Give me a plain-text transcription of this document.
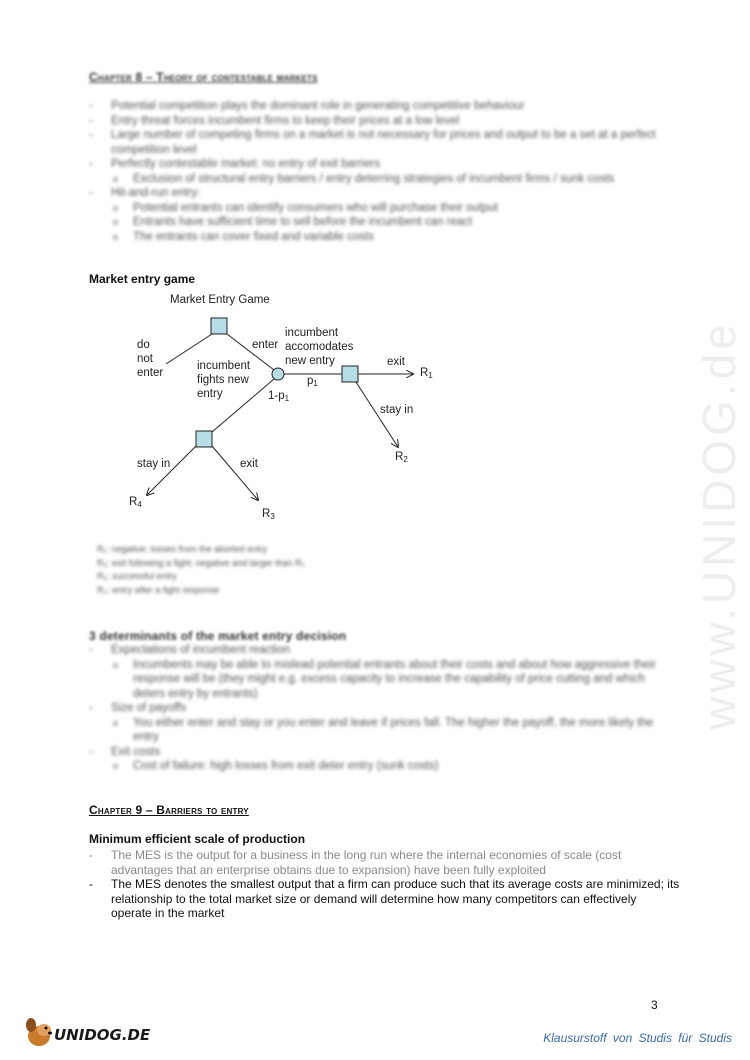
www.UNIDOG.de
Chapter 8 – Theory of contestable markets
- Potential competition plays the dominant role in generating competitive behaviour
- Entry threat forces incumbent firms to keep their prices at a low level
- Large number of competing firms on a market is not necessary for prices and output to be a set at a perfect competition level
- Perfectly contestable market: no entry of exit barriers
o Exclusion of structural entry barriers / entry deterring strategies of incumbent firms / sunk costs
- Hit-and-run entry:
o Potential entrants can identify consumers who will purchase their output
o Entrants have sufficient time to sell before the incumbent can react
o The entrants can cover fixed and variable costs
Market entry game
Market Entry Game
do not enter
enter
incumbent fights new entry
incumbent accomodates new entry
p1
1-p1
exit
R1
stay in
R2
stay in	exit
R4
R3
R₁: negative; losses from the aborted entry
R₂: exit following a fight; negative and larger than R₁
R₃: successful entry
R₄: entry after a fight response
3 determinants of the market entry decision
- Expectations of incumbent reaction
o Incumbents may be able to mislead potential entrants about their costs and about how aggressive their response will be (they might e.g. excess capacity to increase the capability of price cutting and which deters entry by entrants)
- Size of payoffs
o You either enter and stay or you enter and leave if prices fall. The higher the payoff, the more likely the entry
- Exit costs
o Cost of failure: high losses from exit deter entry (sunk costs)
Chapter 9 – Barriers to entry
Minimum efficient scale of production
- The MES is the output for a business in the long run where the internal economies of scale (cost advantages that an enterprise obtains due to expansion) have been fully exploited
- The MES denotes the smallest output that a firm can produce such that its average costs are minimized; its relationship to the total market size or demand will determine how many competitors can effectively operate in the market
3
UNIDOG.DE	Klausurstoff von Studis für Studis
